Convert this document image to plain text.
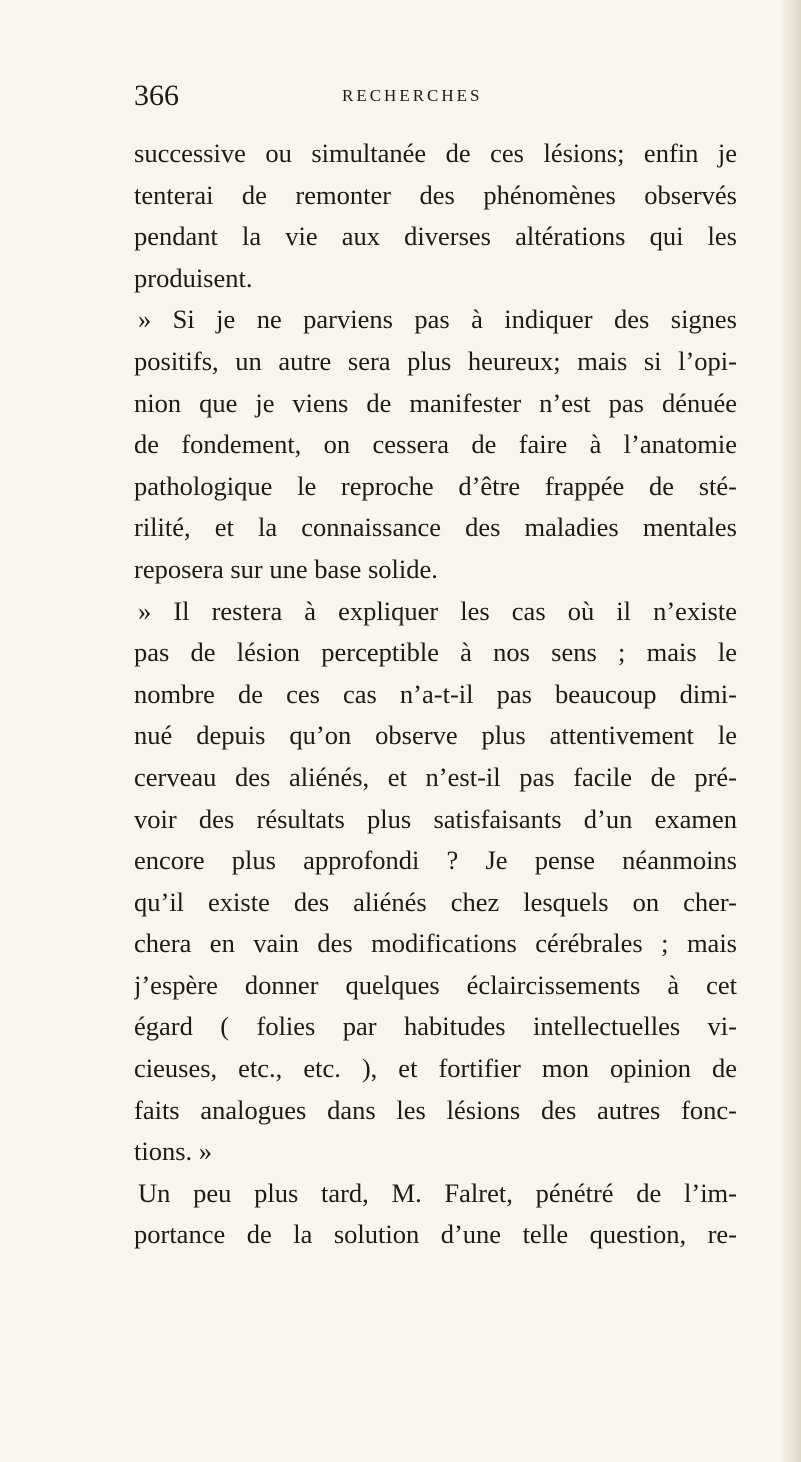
366	RECHERCHES
successive ou simultanée de ces lésions; enfin je
tenterai de remonter des phénomènes observés
pendant la vie aux diverses altérations qui les
produisent.
» Si je ne parviens pas à indiquer des signes
positifs, un autre sera plus heureux; mais si l’opi-
nion que je viens de manifester n’est pas dénuée
de fondement, on cessera de faire à l’anatomie
pathologique le reproche d’être frappée de sté-
rilité, et la connaissance des maladies mentales
reposera sur une base solide.
» Il restera à expliquer les cas où il n’existe
pas de lésion perceptible à nos sens ; mais le
nombre de ces cas n’a-t-il pas beaucoup dimi-
nué depuis qu’on observe plus attentivement le
cerveau des aliénés, et n’est-il pas facile de pré-
voir des résultats plus satisfaisants d’un examen
encore plus approfondi ? Je pense néanmoins
qu’il existe des aliénés chez lesquels on cher-
chera en vain des modifications cérébrales ; mais
j’espère donner quelques éclaircissements à cet
égard ( folies par habitudes intellectuelles vi-
cieuses, etc., etc. ), et fortifier mon opinion de
faits analogues dans les lésions des autres fonc-
tions. »
Un peu plus tard, M. Falret, pénétré de l’im-
portance de la solution d’une telle question, re-
